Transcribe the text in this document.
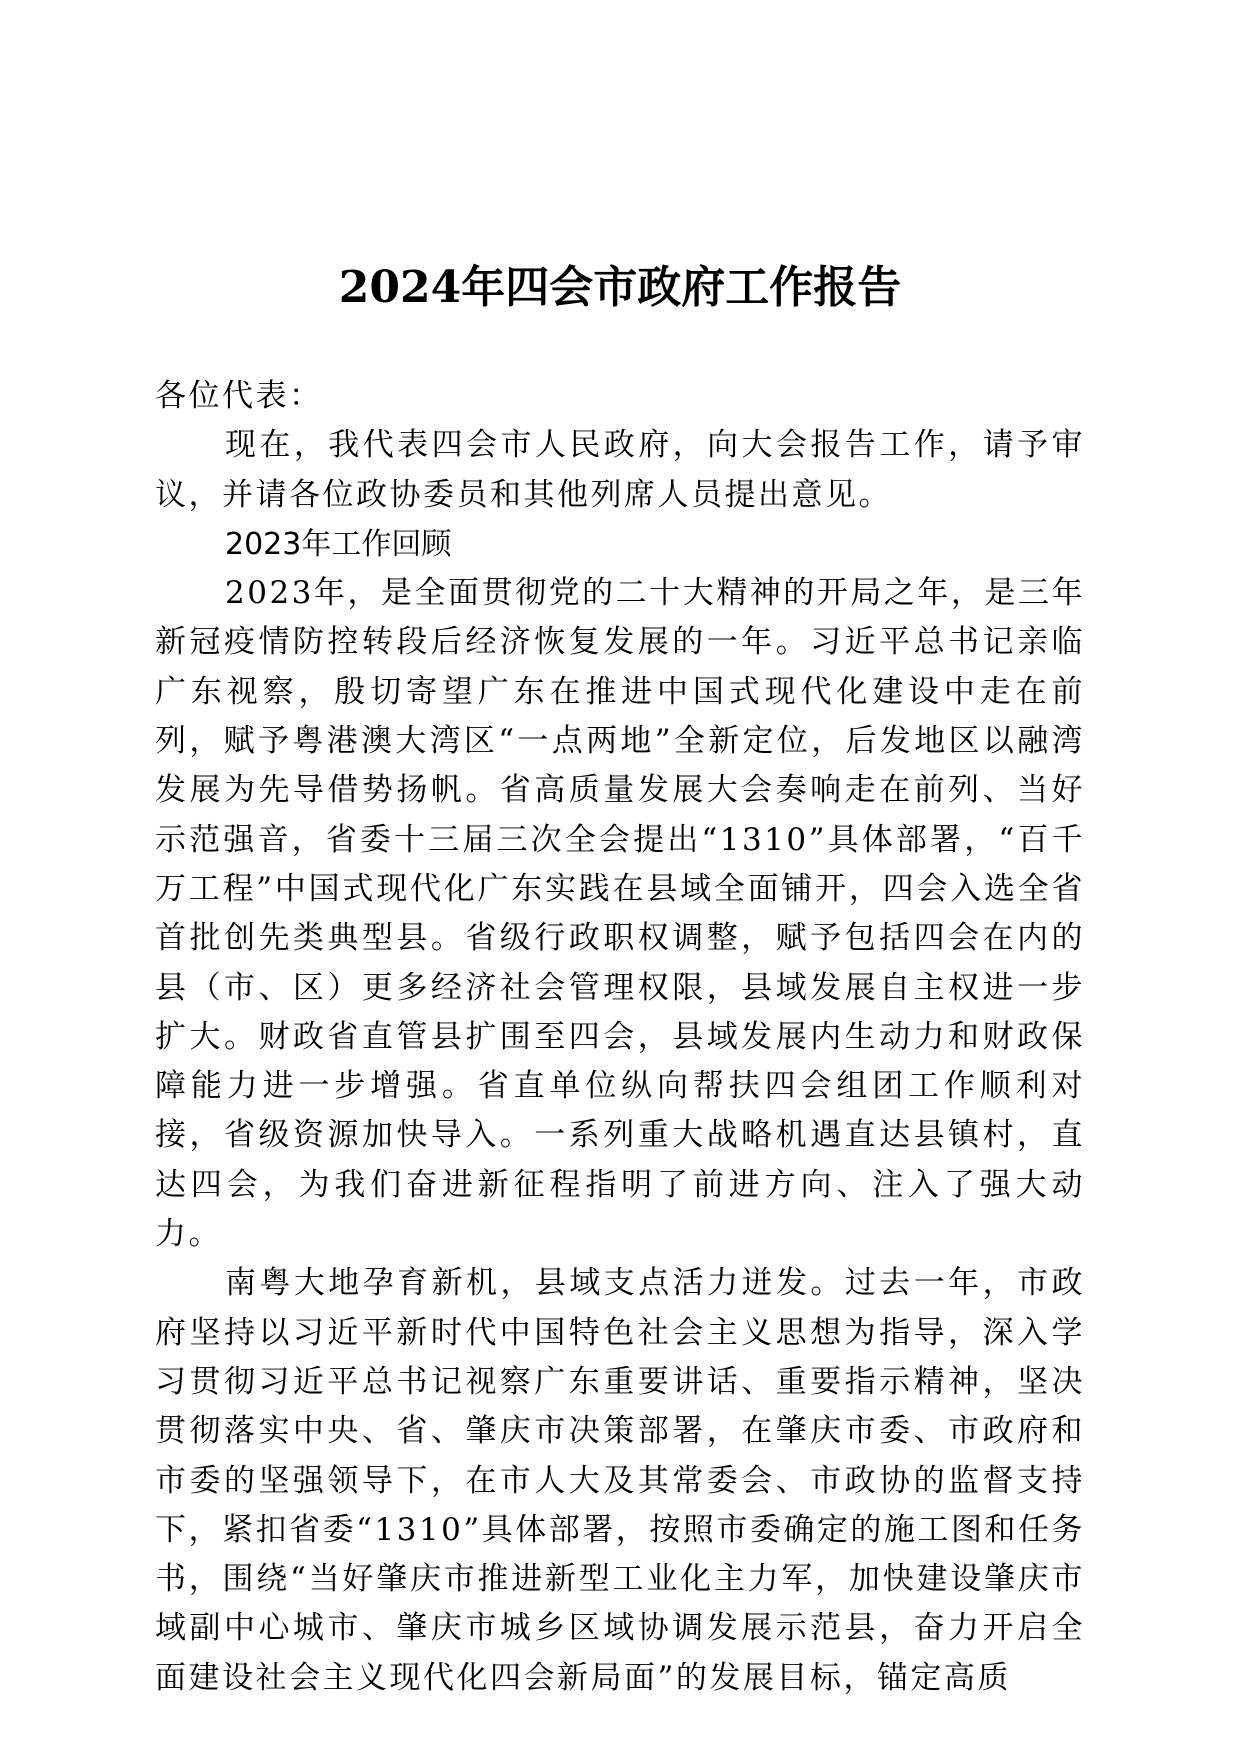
2024年四会市政府工作报告

各位代表：

现在，我代表四会市人民政府，向大会报告工作，请予审议，并请各位政协委员和其他列席人员提出意见。

2023年工作回顾

2023年，是全面贯彻党的二十大精神的开局之年，是三年新冠疫情防控转段后经济恢复发展的一年。习近平总书记亲临广东视察，殷切寄望广东在推进中国式现代化建设中走在前列，赋予粤港澳大湾区“一点两地”全新定位，后发地区以融湾发展为先导借势扬帆。省高质量发展大会奏响走在前列、当好示范强音，省委十三届三次全会提出“1310”具体部署，“百千万工程”中国式现代化广东实践在县域全面铺开，四会入选全省首批创先类典型县。省级行政职权调整，赋予包括四会在内的县（市、区）更多经济社会管理权限，县域发展自主权进一步扩大。财政省直管县扩围至四会，县域发展内生动力和财政保障能力进一步增强。省直单位纵向帮扶四会组团工作顺利对接，省级资源加快导入。一系列重大战略机遇直达县镇村，直达四会，为我们奋进新征程指明了前进方向、注入了强大动力。

南粤大地孕育新机，县域支点活力迸发。过去一年，市政府坚持以习近平新时代中国特色社会主义思想为指导，深入学习贯彻习近平总书记视察广东重要讲话、重要指示精神，坚决贯彻落实中央、省、肇庆市决策部署，在肇庆市委、市政府和市委的坚强领导下，在市人大及其常委会、市政协的监督支持下，紧扣省委“1310”具体部署，按照市委确定的施工图和任务书，围绕“当好肇庆市推进新型工业化主力军，加快建设肇庆市域副中心城市、肇庆市城乡区域协调发展示范县，奋力开启全面建设社会主义现代化四会新局面”的发展目标，锚定高质
